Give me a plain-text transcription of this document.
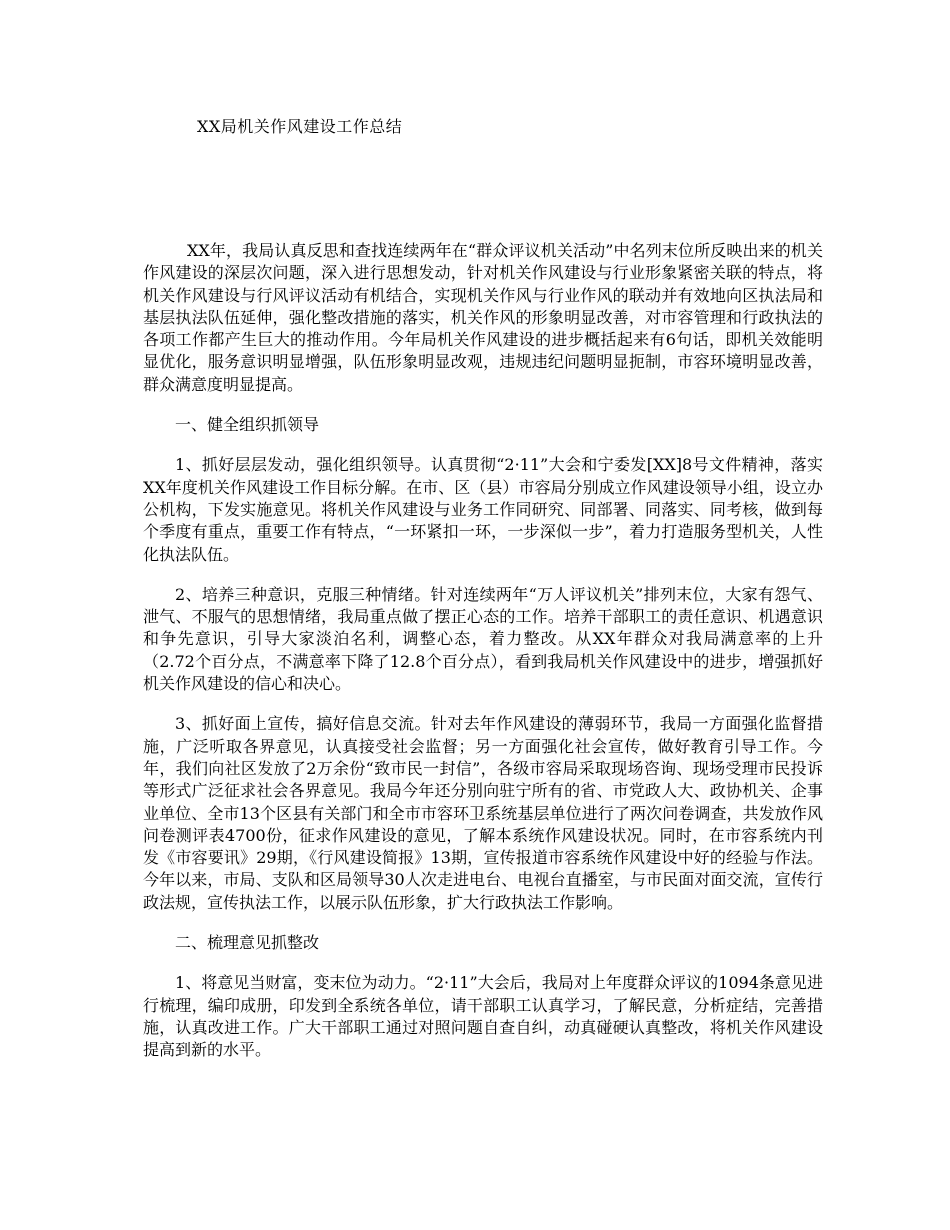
XX局机关作风建设工作总结

XX年，我局认真反思和查找连续两年在“群众评议机关活动”中名列末位所反映出来的机关作风建设的深层次问题，深入进行思想发动，针对机关作风建设与行业形象紧密关联的特点，将机关作风建设与行风评议活动有机结合，实现机关作风与行业作风的联动并有效地向区执法局和基层执法队伍延伸，强化整改措施的落实，机关作风的形象明显改善，对市容管理和行政执法的各项工作都产生巨大的推动作用。今年局机关作风建设的进步概括起来有6句话，即机关效能明显优化，服务意识明显增强，队伍形象明显改观，违规违纪问题明显扼制，市容环境明显改善，群众满意度明显提高。

一、健全组织抓领导

1、抓好层层发动，强化组织领导。认真贯彻“2·11”大会和宁委发[XX]8号文件精神，落实XX年度机关作风建设工作目标分解。在市、区（县）市容局分别成立作风建设领导小组，设立办公机构，下发实施意见。将机关作风建设与业务工作同研究、同部署、同落实、同考核，做到每个季度有重点，重要工作有特点，“一环紧扣一环，一步深似一步”，着力打造服务型机关，人性化执法队伍。

2、培养三种意识，克服三种情绪。针对连续两年“万人评议机关”排列末位，大家有怨气、泄气、不服气的思想情绪，我局重点做了摆正心态的工作。培养干部职工的责任意识、机遇意识和争先意识，引导大家淡泊名利，调整心态，着力整改。从XX年群众对我局满意率的上升（2.72个百分点，不满意率下降了12.8个百分点），看到我局机关作风建设中的进步，增强抓好机关作风建设的信心和决心。

3、抓好面上宣传，搞好信息交流。针对去年作风建设的薄弱环节，我局一方面强化监督措施，广泛听取各界意见，认真接受社会监督；另一方面强化社会宣传，做好教育引导工作。今年，我们向社区发放了2万余份“致市民一封信”，各级市容局采取现场咨询、现场受理市民投诉等形式广泛征求社会各界意见。我局今年还分别向驻宁所有的省、市党政人大、政协机关、企事业单位、全市13个区县有关部门和全市市容环卫系统基层单位进行了两次问卷调查，共发放作风问卷测评表4700份，征求作风建设的意见，了解本系统作风建设状况。同时，在市容系统内刊发《市容要讯》29期，《行风建设简报》13期，宣传报道市容系统作风建设中好的经验与作法。今年以来，市局、支队和区局领导30人次走进电台、电视台直播室，与市民面对面交流，宣传行政法规，宣传执法工作，以展示队伍形象，扩大行政执法工作影响。

二、梳理意见抓整改

1、将意见当财富，变末位为动力。“2·11”大会后，我局对上年度群众评议的1094条意见进行梳理，编印成册，印发到全系统各单位，请干部职工认真学习，了解民意，分析症结，完善措施，认真改进工作。广大干部职工通过对照问题自查自纠，动真碰硬认真整改，将机关作风建设提高到新的水平。
